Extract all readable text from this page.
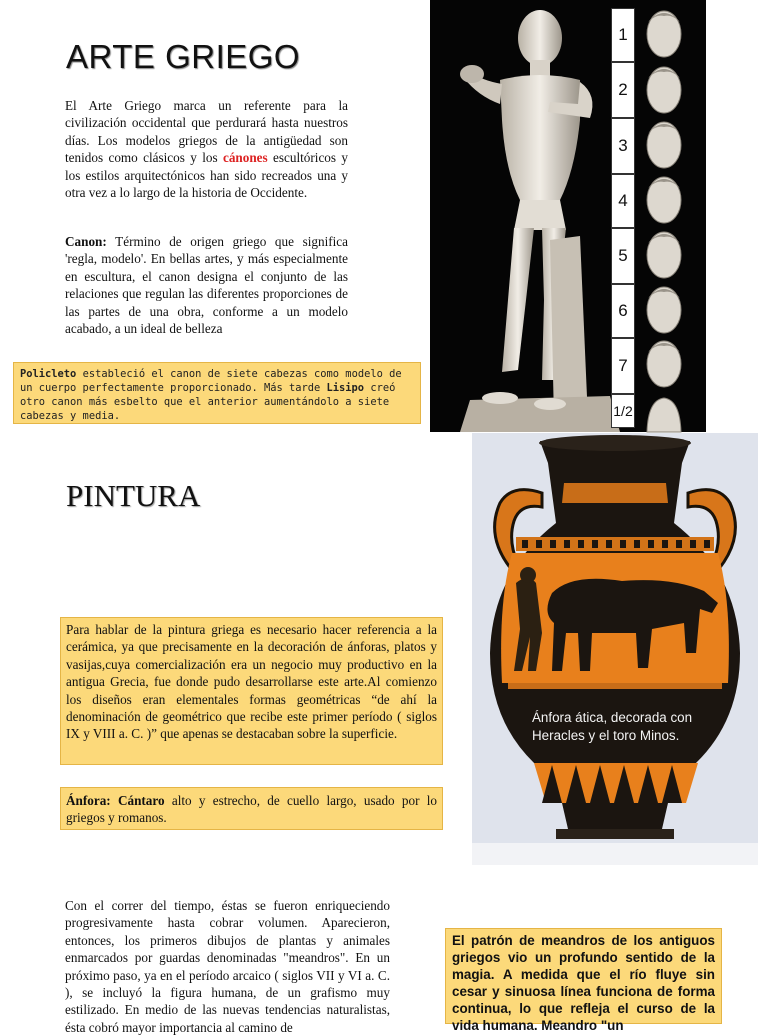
ARTE GRIEGO
El Arte Griego marca un referente para la civilización occidental que perdurará hasta nuestros días. Los modelos griegos de la antigüedad son tenidos como clásicos y los cánones escultóricos y los estilos arquitectónicos han sido recreados una y otra vez a lo largo de la historia de Occidente.
Canon: Término de origen griego que significa 'regla, modelo'. En bellas artes, y más especialmente en escultura, el canon designa el conjunto de las relaciones que regulan las diferentes proporciones de las partes de una obra, conforme a un modelo acabado, a un ideal de belleza
Policleto estableció el canon de siete cabezas como modelo de un cuerpo perfectamente proporcionado. Más tarde Lisipo creó otro canon más esbelto que el anterior aumentándolo a siete cabezas y media.
1
2
3
4
5
6
7
1/2
PINTURA
Para hablar de la pintura griega es necesario hacer referencia a la cerámica, ya que precisamente en la decoración de ánforas, platos y vasijas,cuya comercialización era un negocio muy productivo en la antigua Grecia, fue donde pudo desarrollarse este arte.Al comienzo los diseños eran elementales formas geométricas “de ahí la denominación de geométrico que recibe este primer período ( siglos IX y VIII a. C. )” que apenas se destacaban sobre la superficie.
Ánfora: Cántaro alto y estrecho, de cuello largo, usado por lo griegos y romanos.
Ánfora ática, decorada con Heracles y el toro Minos.
Con el correr del tiempo, éstas se fueron enriqueciendo progresivamente hasta cobrar volumen. Aparecieron, entonces, los primeros dibujos de plantas y animales enmarcados por guardas denominadas "meandros". En un próximo paso, ya en el período arcaico ( siglos VII y VI a. C. ), se incluyó la figura humana, de un grafismo muy estilizado. En medio de las nuevas tendencias naturalistas, ésta cobró mayor importancia al camino de
El patrón de meandros de los antiguos griegos vio un profundo sentido de la magia. A medida que el río fluye sin cesar y sinuosa línea funciona de forma continua, lo que refleja el curso de la vida humana. Meandro "un
